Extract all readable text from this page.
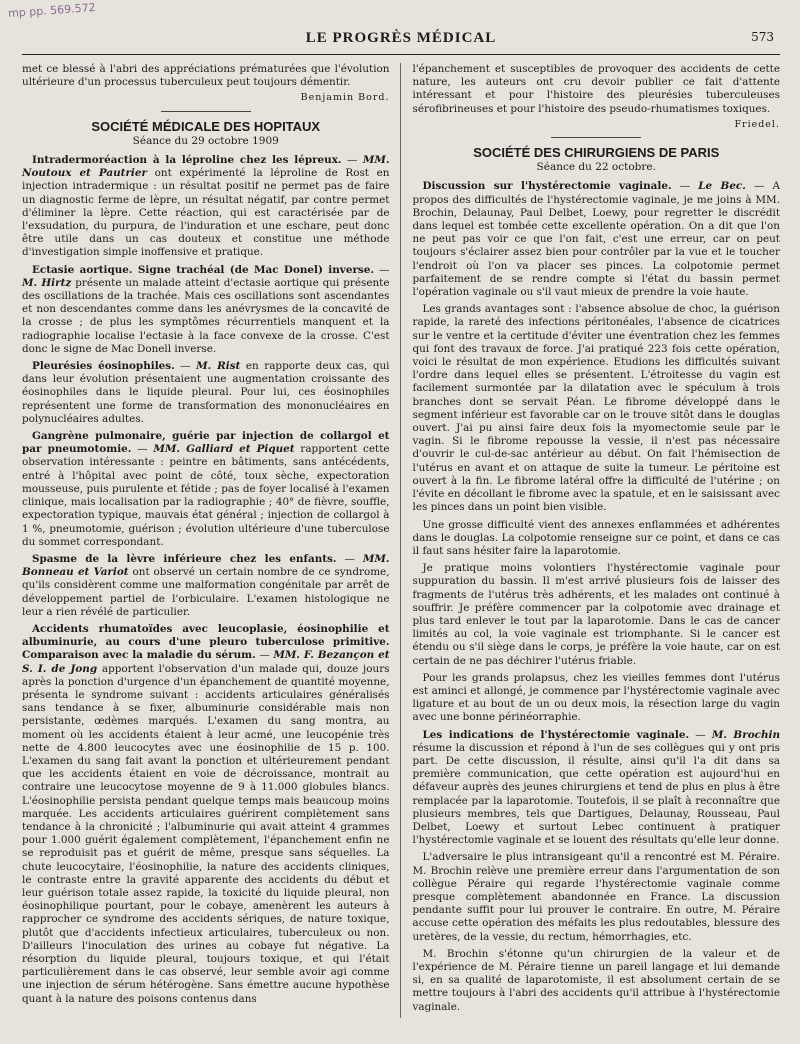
mp pp. 569.572
LE PROGRÈS MÉDICAL	573

met ce blessé à l'abri des appréciations prématurées que l'évolution ultérieure d'un processus tuberculeux peut toujours démentir.

Benjamin Bord.
SOCIÉTÉ MÉDICALE DES HOPITAUX
Séance du 29 octobre 1909

Intradermoréaction à la léproline chez les lépreux. — MM. Noutoux et Pautrier ont expérimenté la léproline de Rost en injection intradermique : un résultat positif ne permet pas de faire un diagnostic ferme de lèpre, un résultat négatif, par contre permet d'éliminer la lèpre. Cette réaction, qui est caractérisée par de l'exsudation, du purpura, de l'induration et une eschare, peut donc être utile dans un cas douteux et constitue une méthode d'investigation simple inoffensive et pratique.

Ectasie aortique. Signe trachéal (de Mac Donel) inverse. — M. Hirtz présente un malade atteint d'ectasie aortique qui présente des oscillations de la trachée. Mais ces oscillations sont ascendantes et non descendantes comme dans les anévrysmes de la concavité de la crosse ; de plus les symptômes récurrentiels manquent et la radiographie localise l'ectasie à la face convexe de la crosse. C'est donc le signe de Mac Donell inverse.

Pleurésies éosinophiles. — M. Rist en rapporte deux cas, qui dans leur évolution présentaient une augmentation croissante des éosinophiles dans le liquide pleural. Pour lui, ces éosinophiles représentent une forme de transformation des mononucléaires en polynucléaires adultes.

Gangrène pulmonaire, guérie par injection de collargol et par pneumotomie. — MM. Galliard et Piquet rapportent cette observation intéressante : peintre en bâtiments, sans antécédents, entré à l'hôpital avec point de côté, toux sèche, expectoration mousseuse, puis purulente et fétide ; pas de foyer localisé à l'examen clinique, mais localisation par la radiographie ; 40° de fièvre, souffle, expectoration typique, mauvais état général ; injection de collargol à 1 %, pneumotomie, guérison ; évolution ultérieure d'une tuberculose du sommet correspondant.

Spasme de la lèvre inférieure chez les enfants. — MM. Bonneau et Variot ont observé un certain nombre de ce syndrome, qu'ils considèrent comme une malformation congénitale par arrêt de développement partiel de l'orbiculaire. L'examen histologique ne leur a rien révélé de particulier.

Accidents rhumatoïdes avec leucoplasie, éosinophilie et albuminurie, au cours d'une pleuro tuberculose primitive. Comparaison avec la maladie du sérum. — MM. F. Bezançon et S. I. de Jong apportent l'observation d'un malade qui, douze jours après la ponction d'urgence d'un épanchement de quantité moyenne, présenta le syndrome suivant : accidents articulaires généralisés sans tendance à se fixer, albuminurie considérable mais non persistante, œdèmes marqués. L'examen du sang montra, au moment où les accidents étaient à leur acmé, une leucopénie très nette de 4.800 leucocytes avec une éosinophilie de 15 p. 100. L'examen du sang fait avant la ponction et ultérieurement pendant que les accidents étaient en voie de décroissance, montrait au contraire une leucocytose moyenne de 9 à 11.000 globules blancs. L'éosinophilie persista pendant quelque temps mais beaucoup moins marquée. Les accidents articulaires guérirent complètement sans tendance à la chronicité ; l'albuminurie qui avait atteint 4 grammes pour 1.000 guérit également complètement, l'épanchement enfin ne se reproduisit pas et guérit de même, presque sans séquelles. La chute leucocytaire, l'éosinophilie, la nature des accidents cliniques, le contraste entre la gravité apparente des accidents du début et leur guérison totale assez rapide, la toxicité du liquide pleural, non éosinophilique pourtant, pour le cobaye, amenèrent les auteurs à rapprocher ce syndrome des accidents sériques, de nature toxique, plutôt que d'accidents infectieux articulaires, tuberculeux ou non. D'ailleurs l'inoculation des urines au cobaye fut négative. La résorption du liquide pleural, toujours toxique, et qui l'était particulièrement dans le cas observé, leur semble avoir agi comme une injection de sérum hétérogène. Sans émettre aucune hypothèse quant à la nature des poisons contenus dans

l'épanchement et susceptibles de provoquer des accidents de cette nature, les auteurs ont cru devoir publier ce fait d'attente intéressant et pour l'histoire des pleurésies tuberculeuses sérofibrineuses et pour l'histoire des pseudo-rhumatismes toxiques.

Friedel.
SOCIÉTÉ DES CHIRURGIENS DE PARIS
Séance du 22 octobre.

Discussion sur l'hystérectomie vaginale. — Le Bec. — A propos des difficultés de l'hystérectomie vaginale, je me joins à MM. Brochin, Delaunay, Paul Delbet, Loewy, pour regretter le discrédit dans lequel est tombée cette excellente opération. On a dit que l'on ne peut pas voir ce que l'on fait, c'est une erreur, car on peut toujours s'éclairer assez bien pour contrôler par la vue et le toucher l'endroit où l'on va placer ses pinces. La colpotomie permet parfaitement de se rendre compte si l'état du bassin permet l'opération vaginale ou s'il vaut mieux de prendre la voie haute.

Les grands avantages sont : l'absence absolue de choc, la guérison rapide, la rareté des infections péritonéales, l'absence de cicatrices sur le ventre et la certitude d'éviter une éventration chez les femmes qui font des travaux de force. J'ai pratiqué 223 fois cette opération, voici le résultat de mon expérience. Etudions les difficultés suivant l'ordre dans lequel elles se présentent. L'étroitesse du vagin est facilement surmontée par la dilatation avec le spéculum à trois branches dont se servait Péan. Le fibrome développé dans le segment inférieur est favorable car on le trouve sitôt dans le douglas ouvert. J'ai pu ainsi faire deux fois la myomectomie seule par le vagin. Si le fibrome repousse la vessie, il n'est pas nécessaire d'ouvrir le cul-de-sac antérieur au début. On fait l'hémisection de l'utérus en avant et on attaque de suite la tumeur. Le péritoine est ouvert à la fin. Le fibrome latéral offre la difficulté de l'utérine ; on l'évite en décollant le fibrome avec la spatule, et en le saisissant avec les pinces dans un point bien visible.

Une grosse difficulté vient des annexes enflammées et adhérentes dans le douglas. La colpotomie renseigne sur ce point, et dans ce cas il faut sans hésiter faire la laparotomie.

Je pratique moins volontiers l'hystérectomie vaginale pour suppuration du bassin. Il m'est arrivé plusieurs fois de laisser des fragments de l'utérus très adhérents, et les malades ont continué à souffrir. Je préfère commencer par la colpotomie avec drainage et plus tard enlever le tout par la laparotomie. Dans le cas de cancer limités au col, la voie vaginale est triomphante. Si le cancer est étendu ou s'il siège dans le corps, je préfère la voie haute, car on est certain de ne pas déchirer l'utérus friable.

Pour les grands prolapsus, chez les vieilles femmes dont l'utérus est aminci et allongé, je commence par l'hystérectomie vaginale avec ligature et au bout de un ou deux mois, la résection large du vagin avec une bonne périnéorraphie.

Les indications de l'hystérectomie vaginale. — M. Brochin résume la discussion et répond à l'un de ses collègues qui y ont pris part. De cette discussion, il résulte, ainsi qu'il l'a dit dans sa première communication, que cette opération est aujourd'hui en défaveur auprès des jeunes chirurgiens et tend de plus en plus à être remplacée par la laparotomie. Toutefois, il se plaît à reconnaître que plusieurs membres, tels que Dartigues, Delaunay, Rousseau, Paul Delbet, Loewy et surtout Lebec continuent à pratiquer l'hystérectomie vaginale et se louent des résultats qu'elle leur donne.

L'adversaire le plus intransigeant qu'il a rencontré est M. Péraire. M. Brochin relève une première erreur dans l'argumentation de son collègue Péraire qui regarde l'hystérectomie vaginale comme presque complètement abandonnée en France. La discussion pendante suffit pour lui prouver le contraire. En outre, M. Péraire accuse cette opération des méfaits les plus redoutables, blessure des uretères, de la vessie, du rectum, hémorrhagies, etc.

M. Brochin s'étonne qu'un chirurgien de la valeur et de l'expérience de M. Péraire tienne un pareil langage et lui demande si, en sa qualité de laparotomiste, il est absolument certain de se mettre toujours à l'abri des accidents qu'il attribue à l'hystérectomie vaginale.
